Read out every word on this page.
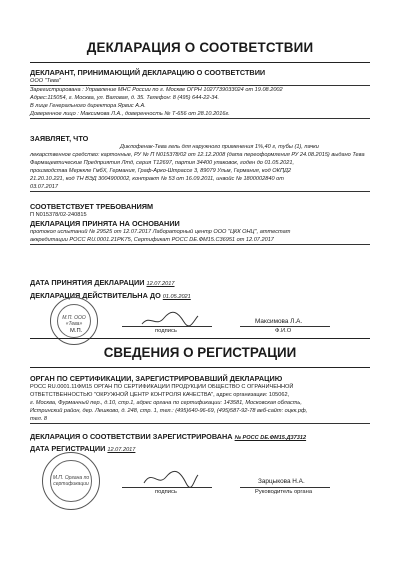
ДЕКЛАРАЦИЯ О СООТВЕТСТВИИ
ДЕКЛАРАНТ, ПРИНИМАЮЩИЙ ДЕКЛАРАЦИЮ О СООТВЕТСТВИИ
ООО "Тева"
Зарегистрирована : Управление МНС России по г. Москве ОГРН 1027739033024 от 19.08.2002
Адрес:115054, г. Москва, ул. Валовая, д. 35. Телефон: 8 (495) 644-22-34.
В лице Генерального директора Ярвис А.А.
Доверенное лицо : Максимова Л.А., доверенность № Т-656 от 28.10.2016г.
ЗАЯВЛЯЕТ, ЧТО
Диклофенак-Тева гель для наружного применения 1%,40 г, тубы (1), пачки
лекарственное средство: картонные, РУ № П N015378/02 от 12.12.2008 (дата переоформления РУ 24.08.2015) выдано Тева
Фармацевтические Предприятия Лтд, серия Т12697, партия 34400 упаковок, годен до 01.05.2021,
производства Мерккле ГмбХ, Германия, Граф-Арко-Штрассе 3, 89079 Ульм, Германия, код ОКПД2
21.20.10.221, код ТН ВЭД 3004900002, контракт № 53 от 16.09.2011, инвойс № 1800002840 от
03.07.2017
СООТВЕТСТВУЕТ ТРЕБОВАНИЯМ
П N015378/02-240815
ДЕКЛАРАЦИЯ ПРИНЯТА НА ОСНОВАНИИ
протокол испытаний № 29525 от 12.07.2017 Лабораторный центр ООО "ЦКК ОНЦ", аттестат
аккредитации РОСС RU.0001.21PK75, Сертификат РОСС DE.ФМ15.С36951 от 12.07.2017
ДАТА ПРИНЯТИЯ ДЕКЛАРАЦИИ 12.07.2017
ДЕКЛАРАЦИЯ ДЕЙСТВИТЕЛЬНА ДО 01.05.2021
М.П. ООО «Тева»
подпись
Максимова Л.А.
Ф.И.О
М.П.
СВЕДЕНИЯ О РЕГИСТРАЦИИ
ОРГАН ПО СЕРТИФИКАЦИИ, ЗАРЕГИСТРИРОВАВШИЙ ДЕКЛАРАЦИЮ
РОСС RU.0001.11ФМ15 ОРГАН ПО СЕРТИФИКАЦИИ ПРОДУКЦИИ ОБЩЕСТВО С ОГРАНИЧЕННОЙ
ОТВЕТСТВЕННОСТЬЮ "ОКРУЖНОЙ ЦЕНТР КОНТРОЛЯ КАЧЕСТВА", адрес организации: 105062,
г. Москва, Фурманный пер., д.10, стр.1, адрес органа по сертификации: 143581, Московская область,
Истринский район, дер. Лешково, д. 248, стр. 1, тел.: (495)640-96-69, (495)587-92-78 веб-сайт: оцкк.рф,
тел. 8
ДЕКЛАРАЦИЯ О СООТВЕТСТВИИ ЗАРЕГИСТРИРОВАНА № РОСС DE.ФМ15.Д37312
ДАТА РЕГИСТРАЦИИ 12.07.2017
М.П. Органа по сертификации
подпись
Зарцыкова Н.А.
Руководитель органа
